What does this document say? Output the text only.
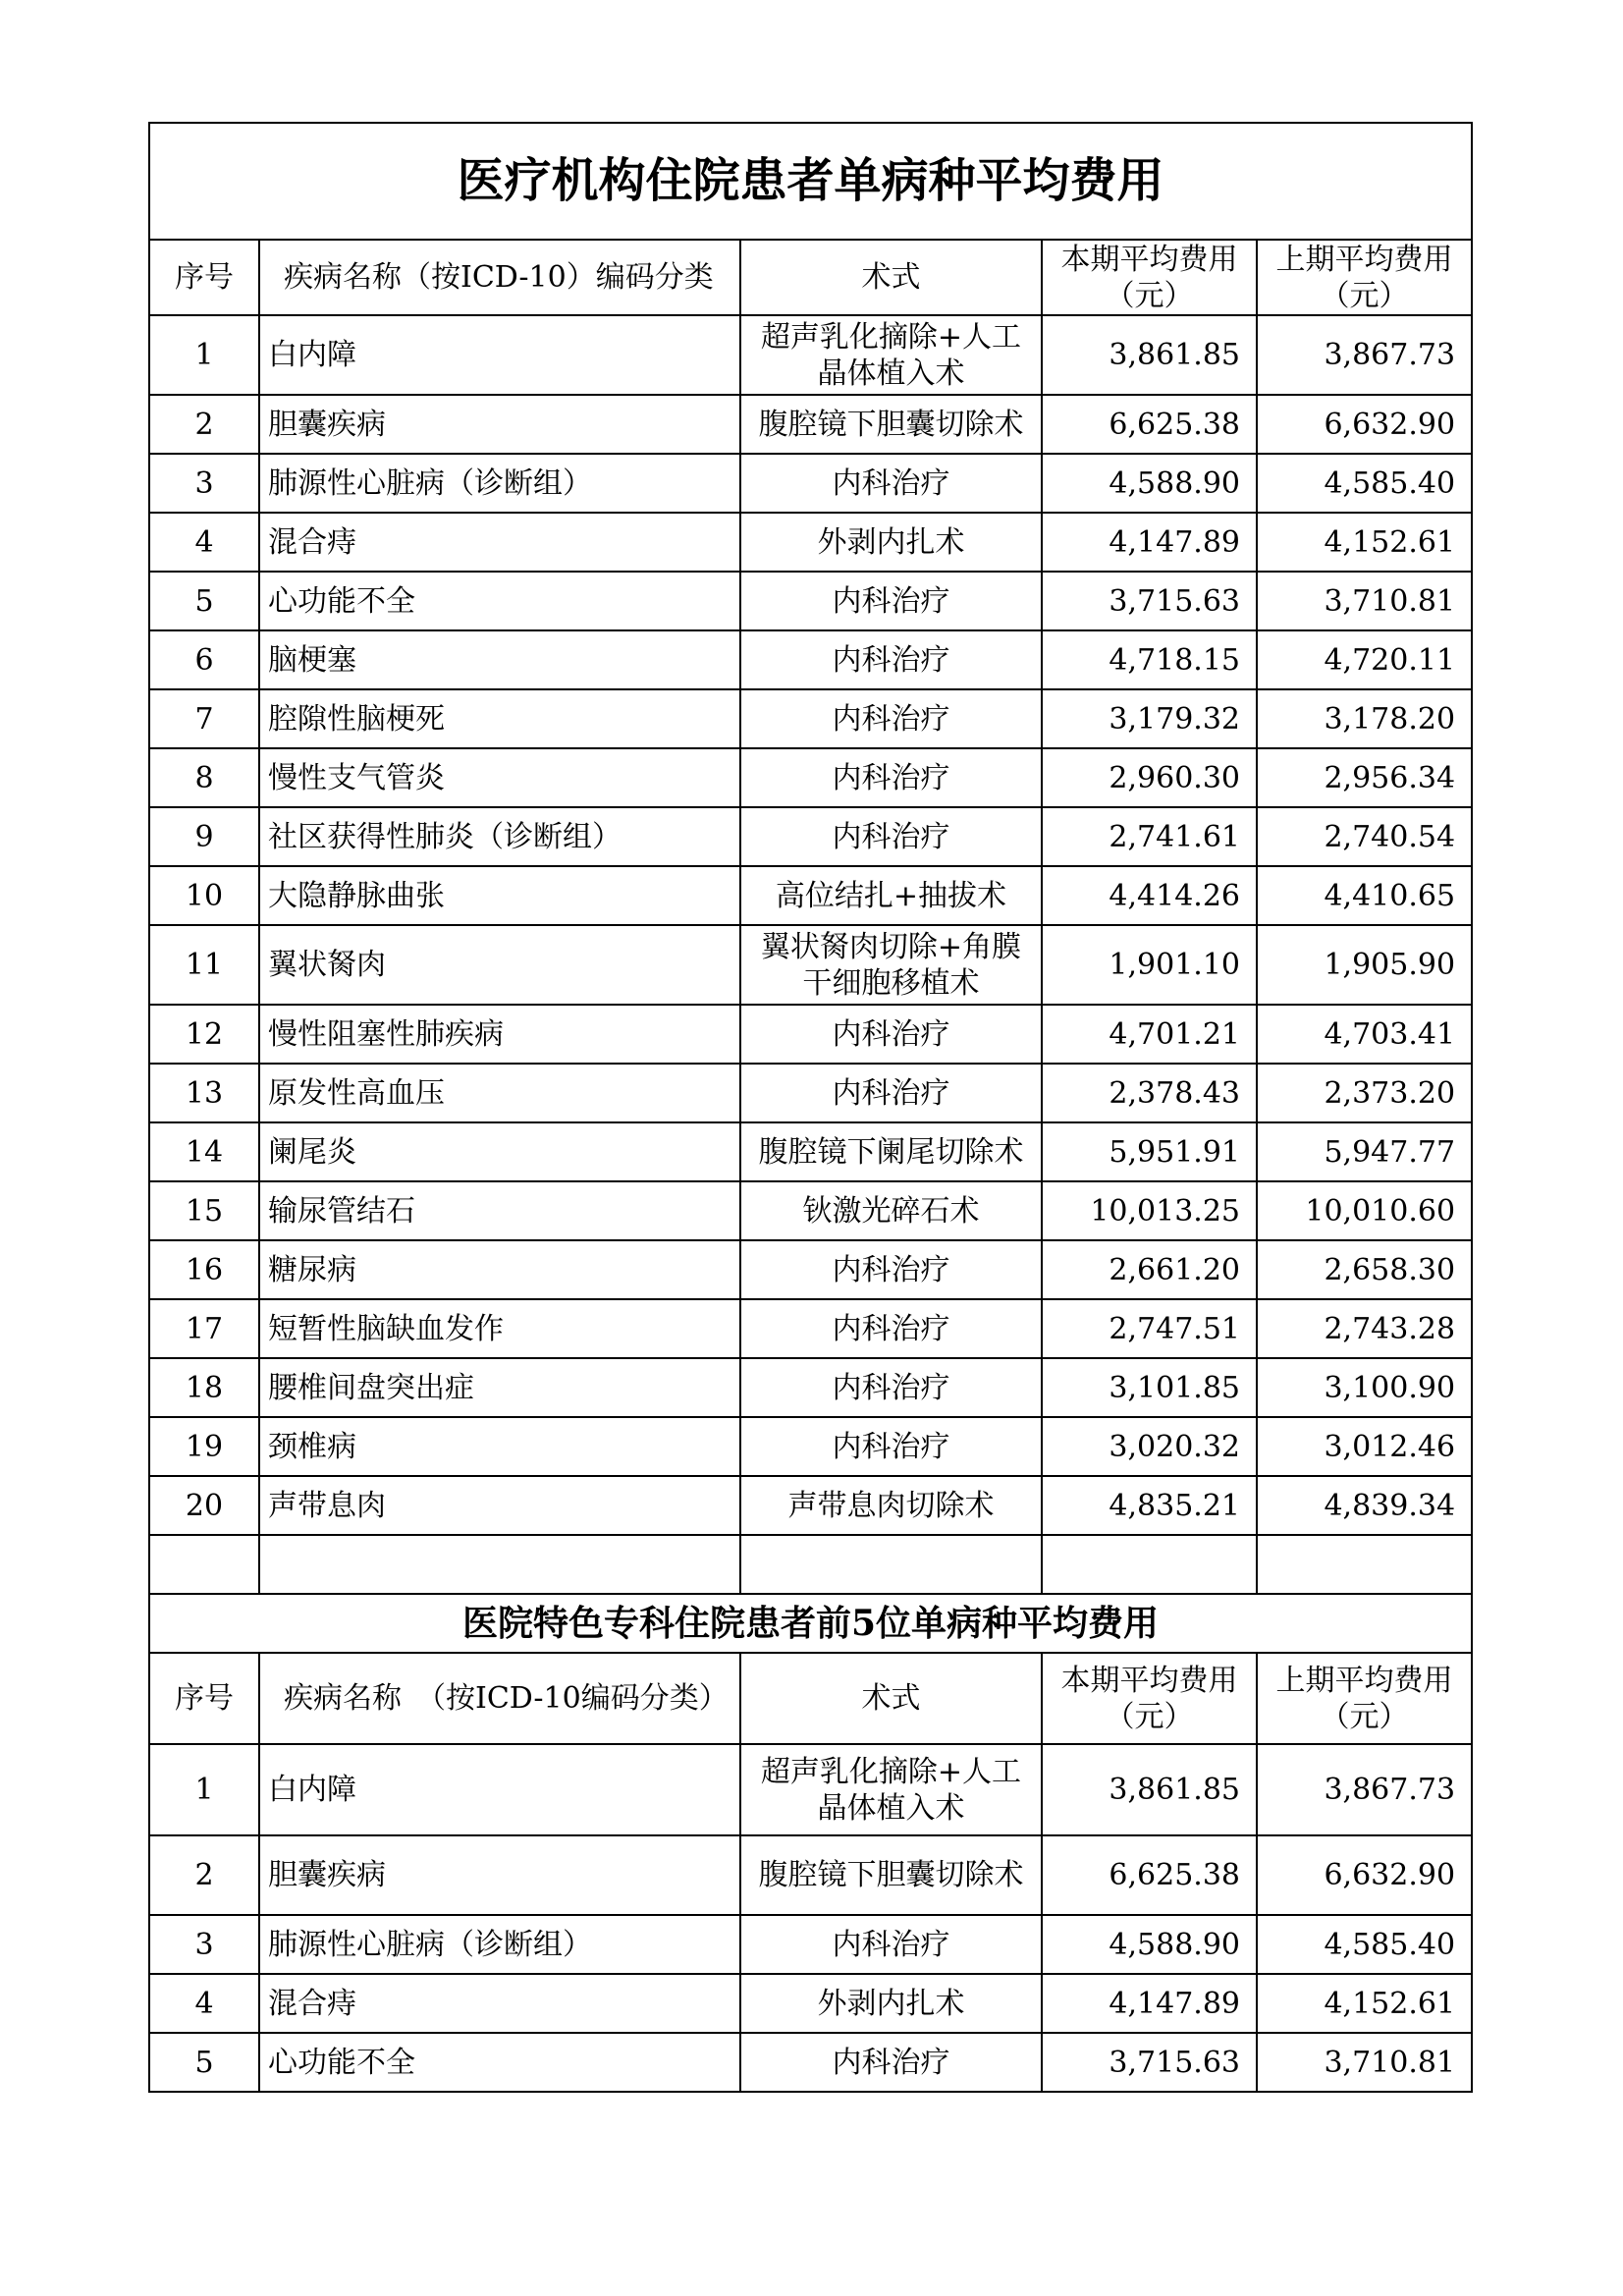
医疗机构住院患者单病种平均费用				
序号	疾病名称（按ICD-10）编码分类	术式	本期平均费用（元）	上期平均费用（元）
1	白内障	超声乳化摘除+人工晶体植入术	3,861.85	3,867.73
2	胆囊疾病	腹腔镜下胆囊切除术	6,625.38	6,632.90
3	肺源性心脏病（诊断组）	内科治疗	4,588.90	4,585.40
4	混合痔	外剥内扎术	4,147.89	4,152.61
5	心功能不全	内科治疗	3,715.63	3,710.81
6	脑梗塞	内科治疗	4,718.15	4,720.11
7	腔隙性脑梗死	内科治疗	3,179.32	3,178.20
8	慢性支气管炎	内科治疗	2,960.30	2,956.34
9	社区获得性肺炎（诊断组）	内科治疗	2,741.61	2,740.54
10	大隐静脉曲张	高位结扎+抽拔术	4,414.26	4,410.65
11	翼状胬肉	翼状胬肉切除+角膜干细胞移植术	1,901.10	1,905.90
12	慢性阻塞性肺疾病	内科治疗	4,701.21	4,703.41
13	原发性高血压	内科治疗	2,378.43	2,373.20
14	阑尾炎	腹腔镜下阑尾切除术	5,951.91	5,947.77
15	输尿管结石	钬激光碎石术	10,013.25	10,010.60
16	糖尿病	内科治疗	2,661.20	2,658.30
17	短暂性脑缺血发作	内科治疗	2,747.51	2,743.28
18	腰椎间盘突出症	内科治疗	3,101.85	3,100.90
19	颈椎病	内科治疗	3,020.32	3,012.46
20	声带息肉	声带息肉切除术	4,835.21	4,839.34

医院特色专科住院患者前5位单病种平均费用				
序号	疾病名称　（按ICD-10编码分类）	术式	本期平均费用（元）	上期平均费用（元）
1	白内障	超声乳化摘除+人工晶体植入术	3,861.85	3,867.73
2	胆囊疾病	腹腔镜下胆囊切除术	6,625.38	6,632.90
3	肺源性心脏病（诊断组）	内科治疗	4,588.90	4,585.40
4	混合痔	外剥内扎术	4,147.89	4,152.61
5	心功能不全	内科治疗	3,715.63	3,710.81
